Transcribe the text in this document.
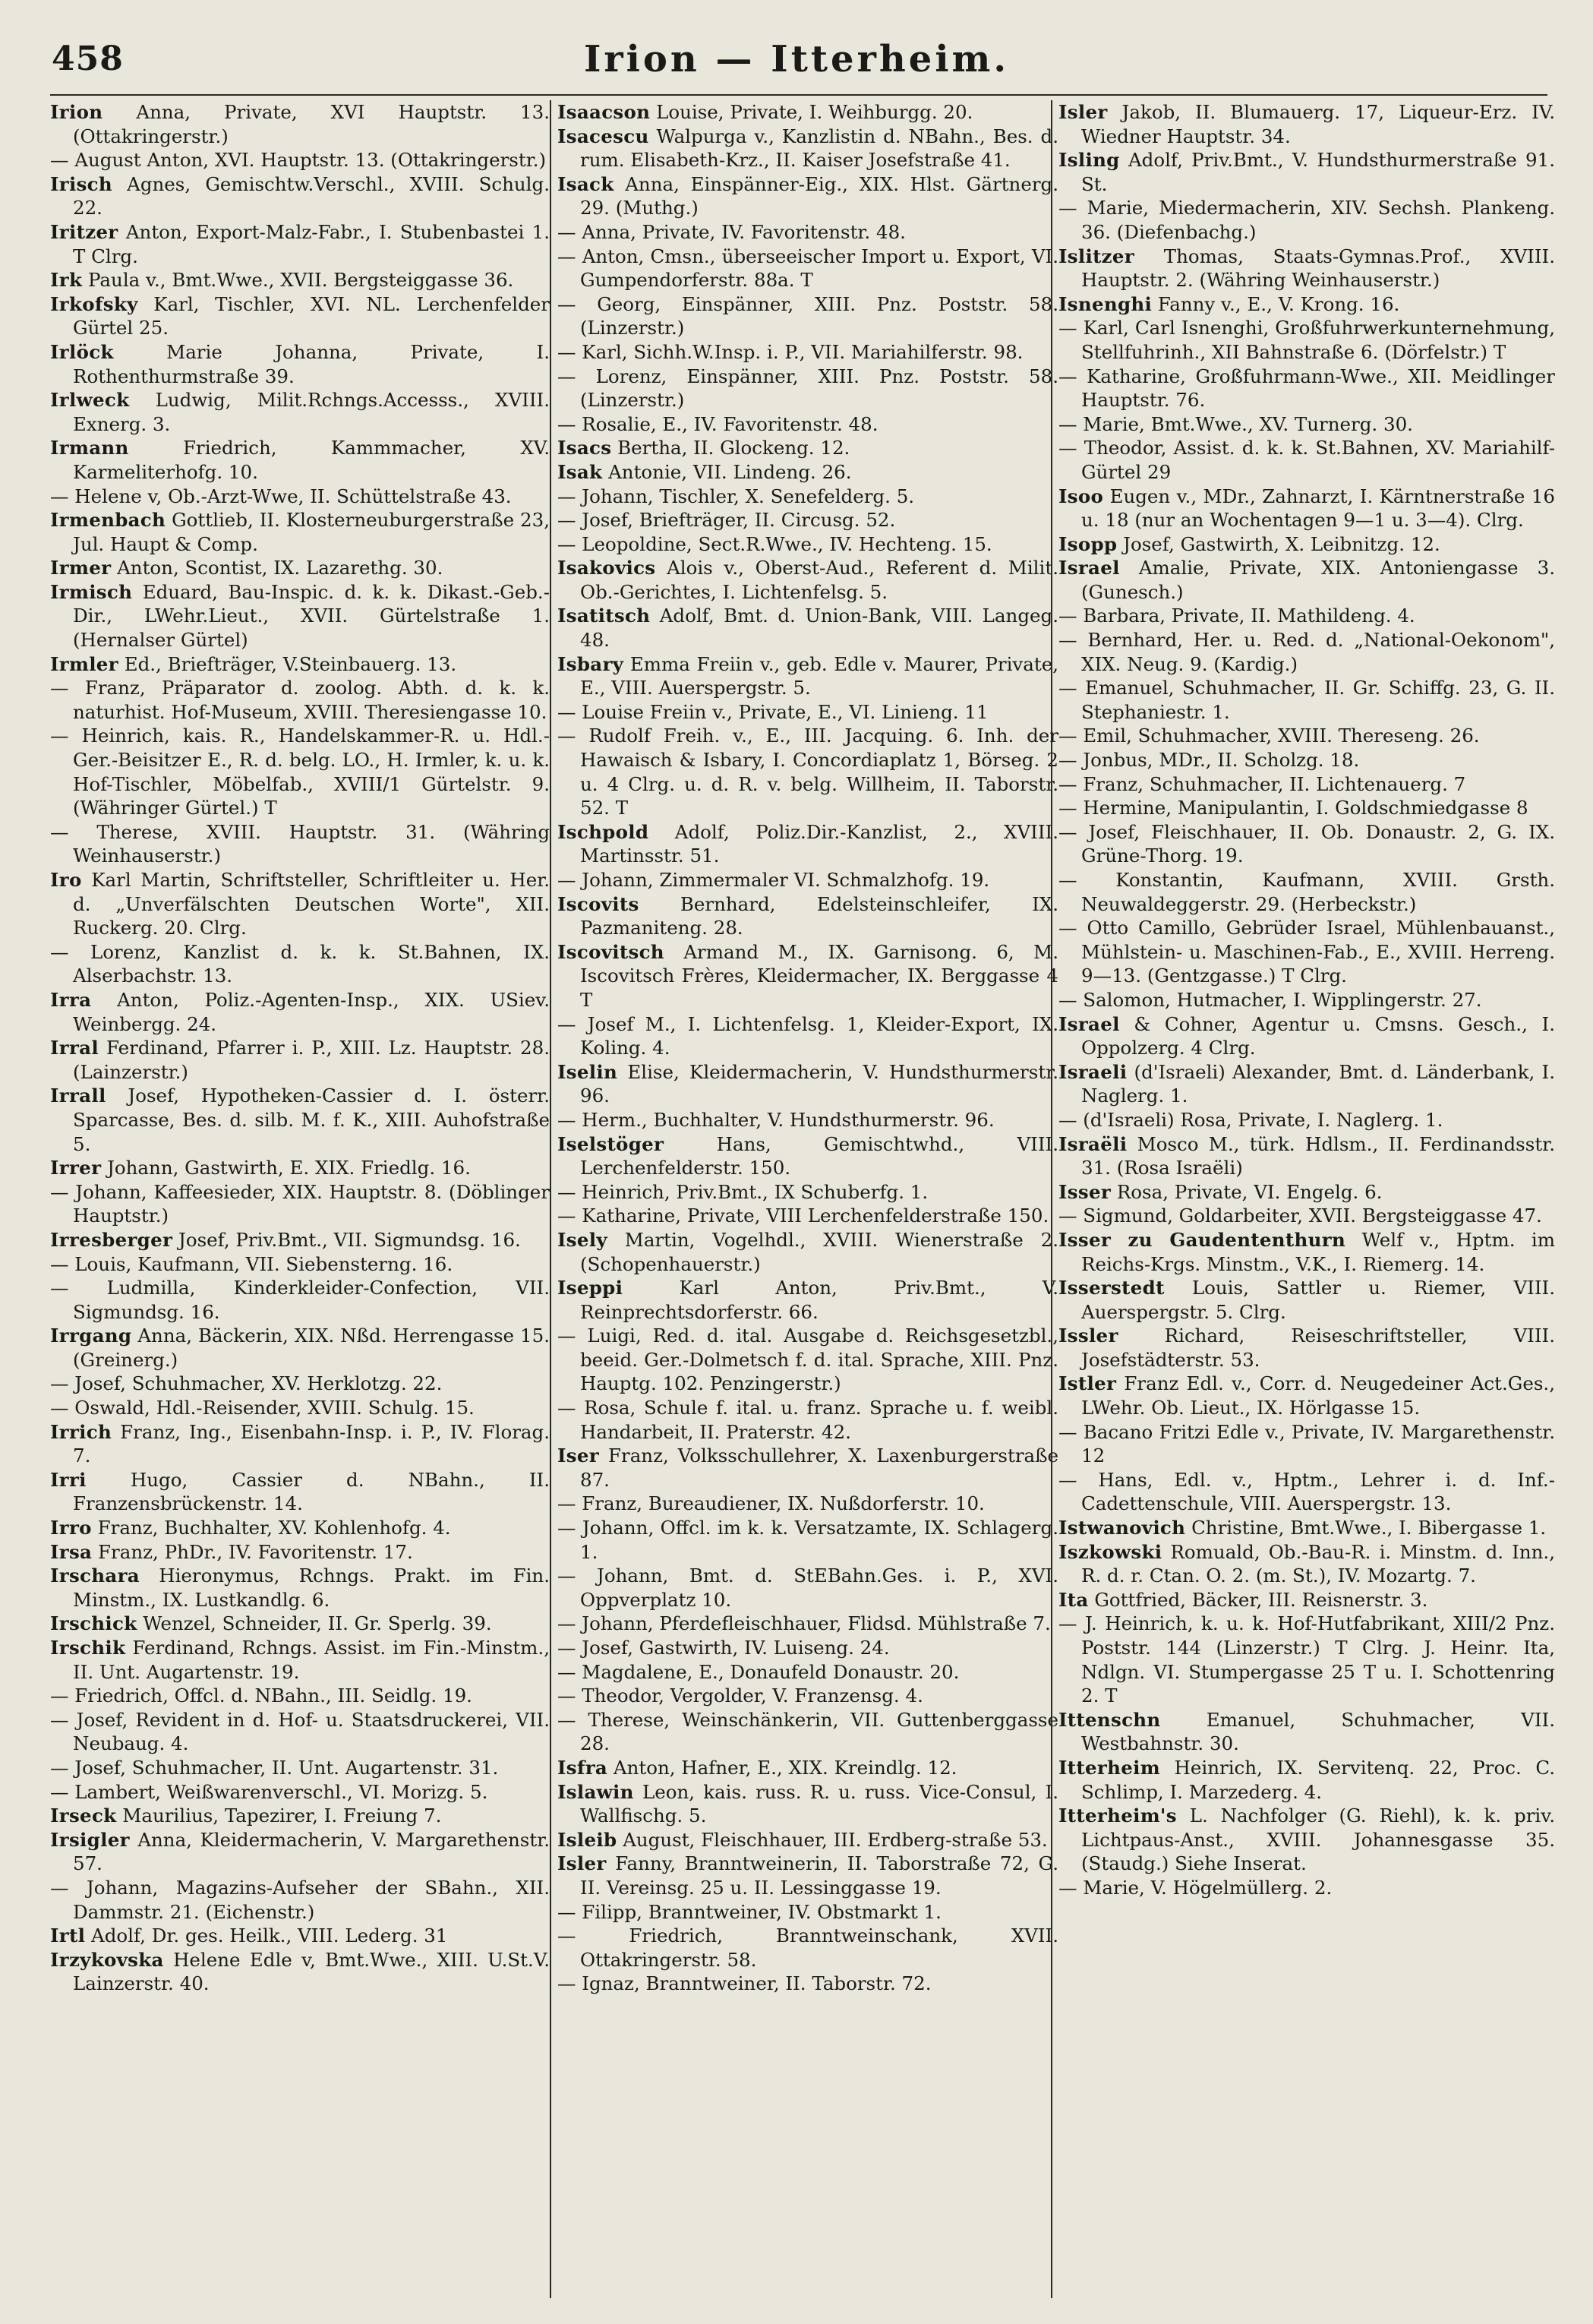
458	Irion — Itterheim.

Irion Anna, Private, XVI Hauptstr. 13. (Ottakringerstr.)

— August Anton, XVI. Hauptstr. 13. (Ottakringerstr.)

Irisch Agnes, Gemischtw.Verschl., XVIII. Schulg. 22.

Iritzer Anton, Export-Malz-Fabr., I. Stubenbastei 1. T Clrg.

Irk Paula v., Bmt.Wwe., XVII. Bergsteiggasse 36.

Irkofsky Karl, Tischler, XVI. NL. Lerchenfelder Gürtel 25.

Irlöck	Marie Johanna, Private, I. Rothenthurmstraße 39.

Irlweck Ludwig, Milit.Rchngs.Accesss., XVIII. Exnerg. 3.

Irmann	Friedrich, Kammmacher, XV. Karmeliterhofg. 10.

— Helene v, Ob.-Arzt-Wwe, II. Schüttelstraße 43.

Irmenbach Gottlieb, II. Klosterneuburgerstraße 23, Jul. Haupt & Comp.

Irmer Anton, Scontist, IX. Lazarethg. 30.

Irmisch Eduard, Bau-Inspic. d. k. k. Dikast.-Geb.-Dir., LWehr.Lieut., XVII. Gürtelstraße 1. (Hernalser Gürtel)

Irmler Ed., Briefträger, V.Steinbauerg. 13.

— Franz, Präparator d. zoolog. Abth. d. k. k. naturhist. Hof-Museum, XVIII. Theresiengasse 10.

— Heinrich, kais. R., Handelskammer-R. u. Hdl.-Ger.-Beisitzer E., R. d. belg. LO., H. Irmler, k. u. k. Hof-Tischler, Möbelfab., XVIII/1 Gürtelstr. 9. (Währinger Gürtel.) T

— Therese, XVIII. Hauptstr. 31. (Währing Weinhauserstr.)

Iro Karl Martin, Schriftsteller, Schriftleiter u. Her. d. „Unverfälschten Deutschen Worte", XII. Ruckerg. 20. Clrg.

— Lorenz, Kanzlist d. k. k. St.Bahnen, IX. Alserbachstr. 13.

Irra Anton, Poliz.-Agenten-Insp., XIX. USiev. Weinbergg. 24.

Irral Ferdinand, Pfarrer i. P., XIII. Lz. Hauptstr. 28. (Lainzerstr.)

Irrall Josef, Hypotheken-Cassier d. I. österr. Sparcasse, Bes. d. silb. M. f. K., XIII. Auhofstraße 5.

Irrer Johann, Gastwirth, E. XIX. Friedlg. 16.

— Johann, Kaffeesieder, XIX. Hauptstr. 8. (Döblinger Hauptstr.)

Irresberger Josef, Priv.Bmt., VII. Sigmundsg. 16.

— Louis, Kaufmann, VII. Siebensterng. 16.

— Ludmilla, Kinderkleider-Confection, VII. Sigmundsg. 16.

Irrgang Anna, Bäckerin, XIX. Nßd. Herrengasse 15. (Greinerg.)

— Josef, Schuhmacher, XV. Herklotzg. 22.

— Oswald, Hdl.-Reisender, XVIII. Schulg. 15.

Irrich Franz, Ing., Eisenbahn-Insp. i. P., IV. Florag. 7.

Irri Hugo, Cassier d. NBahn., II. Franzensbrückenstr. 14.

Irro Franz, Buchhalter, XV. Kohlenhofg. 4.

Irsa Franz, PhDr., IV. Favoritenstr. 17.

Irschara Hieronymus, Rchngs. Prakt. im Fin. Minstm., IX. Lustkandlg. 6.

Irschick Wenzel, Schneider, II. Gr. Sperlg. 39.

Irschik Ferdinand, Rchngs. Assist. im Fin.-Minstm., II. Unt. Augartenstr. 19.

— Friedrich, Offcl. d. NBahn., III. Seidlg. 19.

— Josef, Revident in d. Hof- u. Staatsdruckerei, VII. Neubaug. 4.

— Josef, Schuhmacher, II. Unt. Augartenstr. 31.

— Lambert, Weißwarenverschl., VI. Morizg. 5.

Irseck Maurilius, Tapezirer, I. Freiung 7.

Irsigler Anna, Kleidermacherin, V. Margarethenstr. 57.

— Johann, Magazins-Aufseher der SBahn., XII. Dammstr. 21. (Eichenstr.)

Irtl Adolf, Dr. ges. Heilk., VIII. Lederg. 31

Irzykovska Helene Edle v, Bmt.Wwe., XIII. U.St.V. Lainzerstr. 40.

Isaacson Louise, Private, I. Weihburgg. 20.

Isacescu Walpurga v., Kanzlistin d. NBahn., Bes. d. rum. Elisabeth-Krz., II. Kaiser Josefstraße 41.

Isack Anna, Einspänner-Eig., XIX. Hlst. Gärtnerg. 29. (Muthg.)

— Anna, Private, IV. Favoritenstr. 48.

— Anton, Cmsn., überseeischer Import u. Export, VI. Gumpendorferstr. 88a. T

— Georg, Einspänner, XIII. Pnz. Poststr. 58. (Linzerstr.)

— Karl, Sichh.W.Insp. i. P., VII. Mariahilferstr. 98.

— Lorenz, Einspänner, XIII. Pnz. Poststr. 58. (Linzerstr.)

— Rosalie, E., IV. Favoritenstr. 48.

Isacs Bertha, II. Glockeng. 12.

Isak Antonie, VII. Lindeng. 26.

— Johann, Tischler, X. Senefelderg. 5.

— Josef, Briefträger, II. Circusg. 52.

— Leopoldine, Sect.R.Wwe., IV. Hechteng. 15.

Isakovics Alois v., Oberst-Aud., Referent d. Milit. Ob.-Gerichtes, I. Lichtenfelsg. 5.

Isatitsch Adolf, Bmt. d. Union-Bank, VIII. Langeg. 48.

Isbary Emma Freiin v., geb. Edle v. Maurer, Private, E., VIII. Auerspergstr. 5.

— Louise Freiin v., Private, E., VI. Linieng. 11

— Rudolf Freih. v., E., III. Jacquing. 6. Inh. der Hawaisch & Isbary, I. Concordiaplatz 1, Börseg. 2 u. 4 Clrg. u. d. R. v. belg. Willheim, II. Taborstr. 52. T

Ischpold Adolf, Poliz.Dir.-Kanzlist, 2., XVIII. Martinsstr. 51.

— Johann, Zimmermaler VI. Schmalzhofg. 19.

Iscovits Bernhard, Edelsteinschleifer, IX. Pazmaniteng. 28.

Iscovitsch Armand M., IX. Garnisong. 6, M. Iscovitsch Frères, Kleidermacher, IX. Berggasse 4 T

— Josef M., I. Lichtenfelsg. 1, Kleider-Export, IX. Koling. 4.

Iselin Elise, Kleidermacherin, V. Hundsthurmerstr. 96.

— Herm., Buchhalter, V. Hundsthurmerstr. 96.

Iselstöger	Hans, Gemischtwhd., VIII. Lerchenfelderstr. 150.

— Heinrich, Priv.Bmt., IX Schuberfg. 1.

— Katharine, Private, VIII Lerchenfelderstraße 150.

Isely Martin, Vogelhdl., XVIII. Wienerstraße 2. (Schopenhauerstr.)

Iseppi	Karl Anton, Priv.Bmt., V. Reinprechtsdorferstr. 66.

— Luigi, Red. d. ital. Ausgabe d. Reichsgesetzbl., beeid. Ger.-Dolmetsch f. d. ital. Sprache, XIII. Pnz. Hauptg. 102. Penzingerstr.)

— Rosa, Schule f. ital. u. franz. Sprache u. f. weibl. Handarbeit, II. Praterstr. 42.

Iser Franz, Volksschullehrer, X. Laxenburgerstraße 87.

— Franz, Bureaudiener, IX. Nußdorferstr. 10.

— Johann, Offcl. im k. k. Versatzamte, IX. Schlagerg. 1.

— Johann, Bmt. d. StEBahn.Ges. i. P., XVI. Oppverplatz 10.

— Johann, Pferdefleischhauer, Flidsd. Mühlstraße 7.

— Josef, Gastwirth, IV. Luiseng. 24.

— Magdalene, E., Donaufeld Donaustr. 20.

— Theodor, Vergolder, V. Franzensg. 4.

— Therese, Weinschänkerin, VII. Guttenberggasse 28.

Isfra Anton, Hafner, E., XIX. Kreindlg. 12.

Islawin Leon, kais. russ. R. u. russ. Vice-Consul, I. Wallfischg. 5.

Isleib August, Fleischhauer, III. Erdberg-straße 53.

Isler Fanny, Branntweinerin, II. Taborstraße 72, G. II. Vereinsg. 25 u. II. Lessinggasse 19.

— Filipp, Branntweiner, IV. Obstmarkt 1.

— Friedrich, Branntweinschank, XVII. Ottakringerstr. 58.

— Ignaz, Branntweiner, II. Taborstr. 72.

Isler Jakob, II. Blumauerg. 17, Liqueur-Erz. IV. Wiedner Hauptstr. 34.

Isling Adolf, Priv.Bmt., V. Hundsthurmerstraße 91. St.

— Marie, Miedermacherin, XIV. Sechsh. Plankeng. 36. (Diefenbachg.)

Islitzer Thomas, Staats-Gymnas.Prof., XVIII. Hauptstr. 2. (Währing Weinhauserstr.)

Isnenghi Fanny v., E., V. Krong. 16.

— Karl, Carl Isnenghi, Großfuhrwerkunternehmung, Stellfuhrinh., XII Bahnstraße 6. (Dörfelstr.) T

— Katharine, Großfuhrmann-Wwe., XII. Meidlinger Hauptstr. 76.

— Marie, Bmt.Wwe., XV. Turnerg. 30.

— Theodor, Assist. d. k. k. St.Bahnen, XV. Mariahilf-Gürtel 29

Isoo Eugen v., MDr., Zahnarzt, I. Kärntnerstraße 16 u. 18 (nur an Wochentagen 9—1 u. 3—4). Clrg.

Isopp Josef, Gastwirth, X. Leibnitzg. 12.

Israel Amalie, Private, XIX. Antoniengasse 3. (Gunesch.)

— Barbara, Private, II. Mathildeng. 4.

— Bernhard, Her. u. Red. d. „National-Oekonom", XIX. Neug. 9. (Kardig.)

— Emanuel, Schuhmacher, II. Gr. Schiffg. 23, G. II. Stephaniestr. 1.

— Emil, Schuhmacher, XVIII. Thereseng. 26.

— Jonbus, MDr., II. Scholzg. 18.

— Franz, Schuhmacher, II. Lichtenauerg. 7

— Hermine, Manipulantin, I. Goldschmiedgasse 8

— Josef, Fleischhauer, II. Ob. Donaustr. 2, G. IX. Grüne-Thorg. 19.

— Konstantin, Kaufmann, XVIII. Grsth. Neuwaldeggerstr. 29. (Herbeckstr.)

— Otto Camillo, Gebrüder Israel, Mühlenbauanst., Mühlstein- u. Maschinen-Fab., E., XVIII. Herreng. 9—13. (Gentzgasse.) T Clrg.

— Salomon, Hutmacher, I. Wipplingerstr. 27.

Israel & Cohner, Agentur u. Cmsns. Gesch., I. Oppolzerg. 4 Clrg.

Israeli (d'Israeli) Alexander, Bmt. d. Länderbank, I. Naglerg. 1.

— (d'Israeli) Rosa, Private, I. Naglerg. 1.

Israëli Mosco M., türk. Hdlsm., II. Ferdinandsstr. 31. (Rosa Israëli)

Isser Rosa, Private, VI. Engelg. 6.

— Sigmund, Goldarbeiter, XVII. Bergsteiggasse 47.

Isser zu Gaudententhurn Welf v., Hptm. im Reichs-Krgs. Minstm., V.K., I. Riemerg. 14.

Isserstedt Louis, Sattler u. Riemer, VIII. Auerspergstr. 5. Clrg.

Issler Richard, Reiseschriftsteller, VIII. Josefstädterstr. 53.

Istler Franz Edl. v., Corr. d. Neugedeiner Act.Ges., LWehr. Ob. Lieut., IX. Hörlgasse 15.

— Bacano Fritzi Edle v., Private, IV. Margarethenstr. 12

— Hans, Edl. v., Hptm., Lehrer i. d. Inf.-Cadettenschule, VIII. Auerspergstr. 13.

Istwanovich Christine, Bmt.Wwe., I. Bibergasse 1.

Iszkowski Romuald, Ob.-Bau-R. i. Minstm. d. Inn., R. d. r. Ctan. O. 2. (m. St.), IV. Mozartg. 7.

Ita Gottfried, Bäcker, III. Reisnerstr. 3.

— J. Heinrich, k. u. k. Hof-Hutfabrikant, XIII/2 Pnz. Poststr. 144 (Linzerstr.) T Clrg. J. Heinr. Ita, Ndlgn. VI. Stumpergasse 25 T u. I. Schottenring 2. T

Ittenschn Emanuel, Schuhmacher, VII. Westbahnstr. 30.

Itterheim Heinrich, IX. Servitenq. 22, Proc. C. Schlimp, I. Marzederg. 4.

Itterheim's L. Nachfolger (G. Riehl), k. k. priv. Lichtpaus-Anst., XVIII. Johannesgasse 35. (Staudg.) Siehe Inserat.

— Marie, V. Högelmüllerg. 2.
